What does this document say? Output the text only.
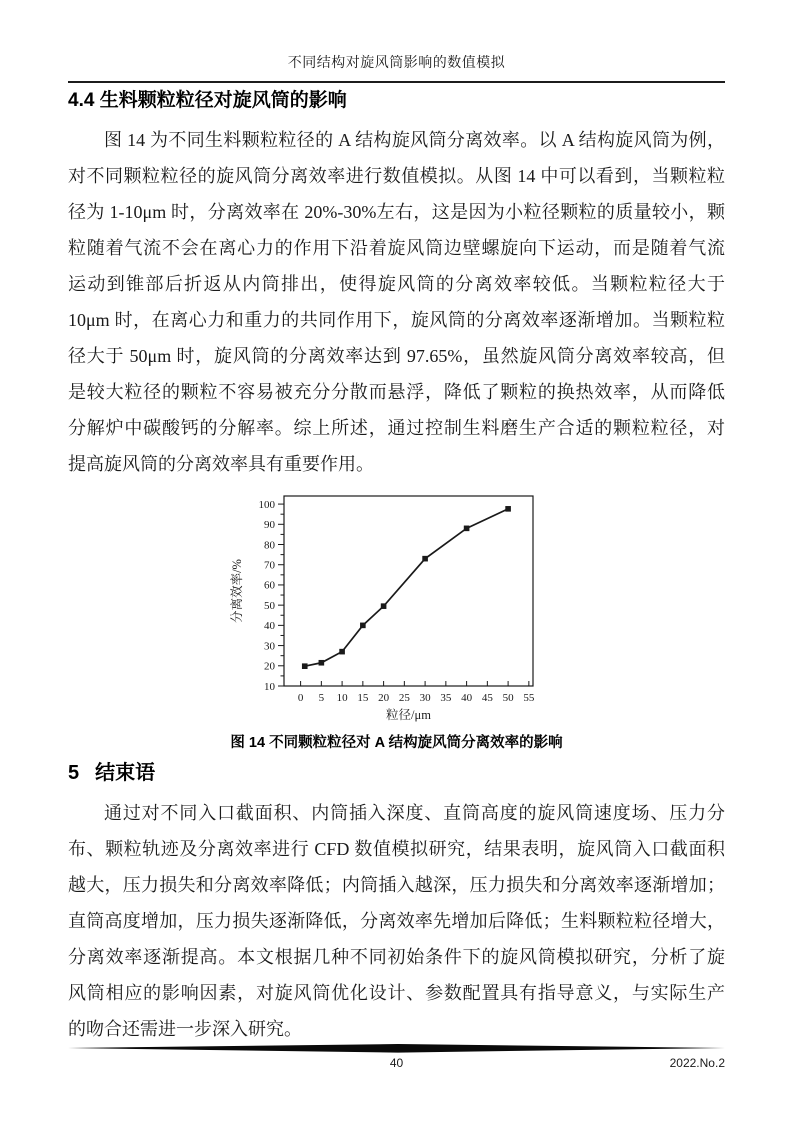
不同结构对旋风筒影响的数值模拟
4.4 生料颗粒粒径对旋风筒的影响
图 14 为不同生料颗粒粒径的 A 结构旋风筒分离效率。以 A 结构旋风筒为例，
对不同颗粒粒径的旋风筒分离效率进行数值模拟。从图 14 中可以看到，当颗粒粒
径为 1-10μm 时，分离效率在 20%-30%左右，这是因为小粒径颗粒的质量较小，颗
粒随着气流不会在离心力的作用下沿着旋风筒边壁螺旋向下运动，而是随着气流
运动到锥部后折返从内筒排出，使得旋风筒的分离效率较低。当颗粒粒径大于
10μm 时，在离心力和重力的共同作用下，旋风筒的分离效率逐渐增加。当颗粒粒
径大于 50μm 时，旋风筒的分离效率达到 97.65%，虽然旋风筒分离效率较高，但
是较大粒径的颗粒不容易被充分分散而悬浮，降低了颗粒的换热效率，从而降低
分解炉中碳酸钙的分解率。综上所述，通过控制生料磨生产合适的颗粒粒径，对
提高旋风筒的分离效率具有重要作用。
0 5 10 15 20 25 30 35 40 45 50 55
10
20
30
40
50
60
70
80
90
100
粒径/μm
分离效率/%
图 14 不同颗粒粒径对 A 结构旋风筒分离效率的影响
5 结束语
通过对不同入口截面积、内筒插入深度、直筒高度的旋风筒速度场、压力分
布、颗粒轨迹及分离效率进行 CFD 数值模拟研究，结果表明，旋风筒入口截面积
越大，压力损失和分离效率降低；内筒插入越深，压力损失和分离效率逐渐增加；
直筒高度增加，压力损失逐渐降低，分离效率先增加后降低；生料颗粒粒径增大，
分离效率逐渐提高。本文根据几种不同初始条件下的旋风筒模拟研究，分析了旋
风筒相应的影响因素，对旋风筒优化设计、参数配置具有指导意义，与实际生产
的吻合还需进一步深入研究。
40	2022.No.2
